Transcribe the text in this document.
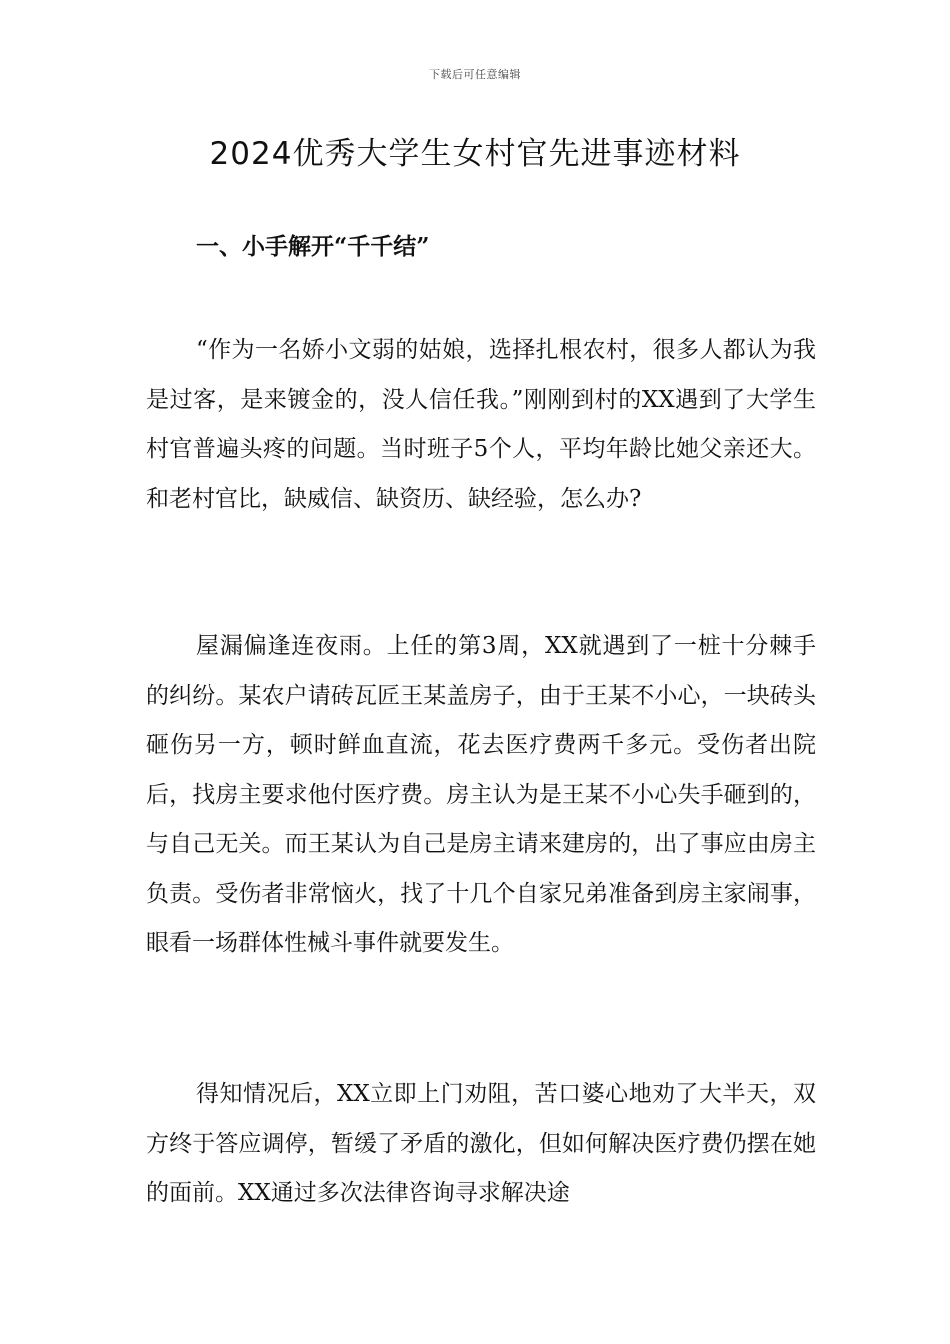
下载后可任意编辑
2024优秀大学生女村官先进事迹材料
一、小手解开“千千结”

“作为一名娇小文弱的姑娘，选择扎根农村，很多人都认为我是过客，是来镀金的，没人信任我。”刚刚到村的XX遇到了大学生村官普遍头疼的问题。当时班子5个人，平均年龄比她父亲还大。和老村官比，缺威信、缺资历、缺经验，怎么办?

屋漏偏逢连夜雨。上任的第3周，XX就遇到了一桩十分棘手的纠纷。某农户请砖瓦匠王某盖房子，由于王某不小心，一块砖头砸伤另一方，顿时鲜血直流，花去医疗费两千多元。受伤者出院后，找房主要求他付医疗费。房主认为是王某不小心失手砸到的，与自己无关。而王某认为自己是房主请来建房的，出了事应由房主负责。受伤者非常恼火，找了十几个自家兄弟准备到房主家闹事，眼看一场群体性械斗事件就要发生。

得知情况后，XX立即上门劝阻，苦口婆心地劝了大半天，双方终于答应调停，暂缓了矛盾的激化，但如何解决医疗费仍摆在她的面前。XX通过多次法律咨询寻求解决途
